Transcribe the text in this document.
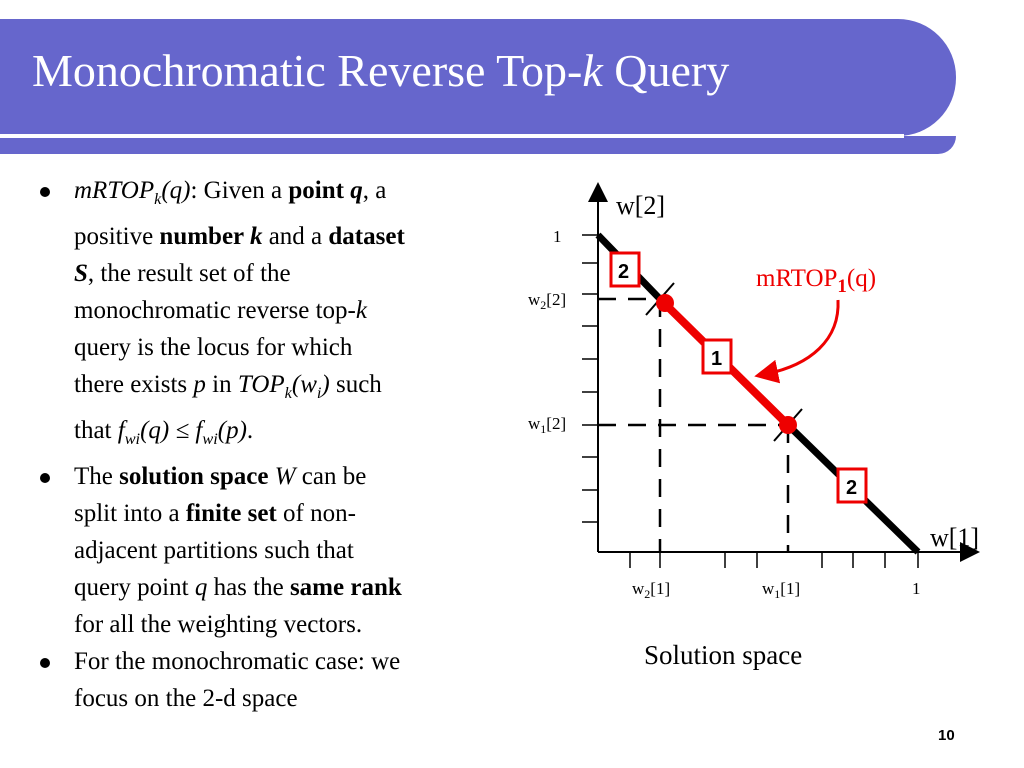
Monochromatic Reverse Top-k Query
mRTOP$_k$(q): Given a point q, a
positive number k and a dataset
S, the result set of the
monochromatic reverse top-k
query is the locus for which
there exists p in $TOP_k(w_i)$ such
that $f_{wi}(q) \le f_{wi}(p)$.
The solution space W can be
split into a finite set of non-
adjacent partitions such that
query point q has the same rank
for all the weighting vectors.
For the monochromatic case: we
focus on the 2-d space
w[2]
w[1]
1
1
$w_2[2]$
$w_1[2]$
$w_2[1]$	$w_1[1]$
2
1
2
mRTOP$_1$(q)
Solution space
10
